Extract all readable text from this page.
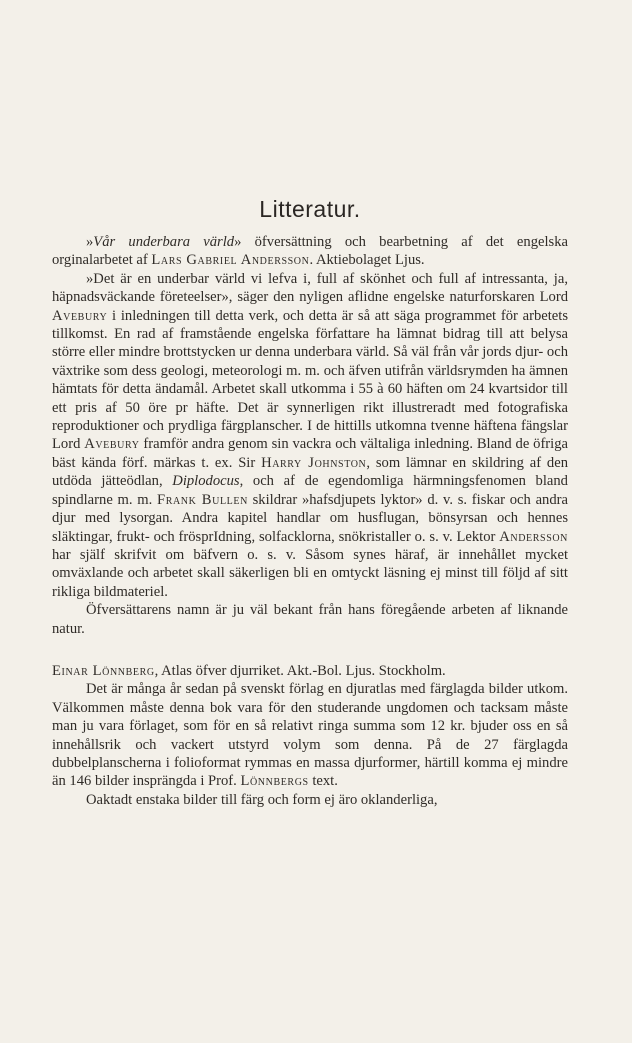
Litteratur.

»Vår underbara värld» öfversättning och bearbetning af det engelska orginalarbetet af Lars Gabriel Andersson. Aktiebolaget Ljus.

»Det är en underbar värld vi lefva i, full af skönhet och full af intressanta, ja, häpnadsväckande företeelser», säger den nyligen aflidne engelske naturforskaren Lord Avebury i inledningen till detta verk, och detta är så att säga programmet för arbetets tillkomst. En rad af framstående engelska författare ha lämnat bidrag till att belysa större eller mindre brottstycken ur denna underbara värld. Så väl från vår jords djur- och växtrike som dess geologi, meteorologi m. m. och äfven utifrån världsrymden ha ämnen hämtats för detta ändamål. Arbetet skall utkomma i 55 à 60 häften om 24 kvartsidor till ett pris af 50 öre pr häfte. Det är synnerligen rikt illustreradt med fotografiska reproduktioner och prydliga färgplanscher. I de hittills utkomna tvenne häftena fängslar Lord Avebury framför andra genom sin vackra och vältaliga inledning. Bland de öfriga bäst kända förf. märkas t. ex. Sir Harry Johnston, som lämnar en skildring af den utdöda jätteödlan, Diplodocus, och af de egendomliga härmningsfenomen bland spindlarne m. m. Frank Bullen skildrar »hafsdjupets lyktor» d. v. s. fiskar och andra djur med lysorgan. Andra kapitel handlar om husflugan, bönsyrsan och hennes släktingar, frukt- och frösprIdning, solfacklorna, snökristaller o. s. v. Lektor Andersson har själf skrifvit om bäfvern o. s. v. Såsom synes häraf, är innehållet mycket omväxlande och arbetet skall säkerligen bli en omtyckt läsning ej minst till följd af sitt rikliga bildmateriel.

Öfversättarens namn är ju väl bekant från hans föregående arbeten af liknande natur.

Einar Lönnberg, Atlas öfver djurriket. Akt.-Bol. Ljus. Stockholm.

Det är många år sedan på svenskt förlag en djuratlas med färglagda bilder utkom. Välkommen måste denna bok vara för den studerande ungdomen och tacksam måste man ju vara förlaget, som för en så relativt ringa summa som 12 kr. bjuder oss en så innehållsrik och vackert utstyrd volym som denna. På de 27 färglagda dubbelplanscherna i folioformat rymmas en massa djurformer, härtill komma ej mindre än 146 bilder insprängda i Prof. Lönnbergs text.

Oaktadt enstaka bilder till färg och form ej äro oklanderliga,
